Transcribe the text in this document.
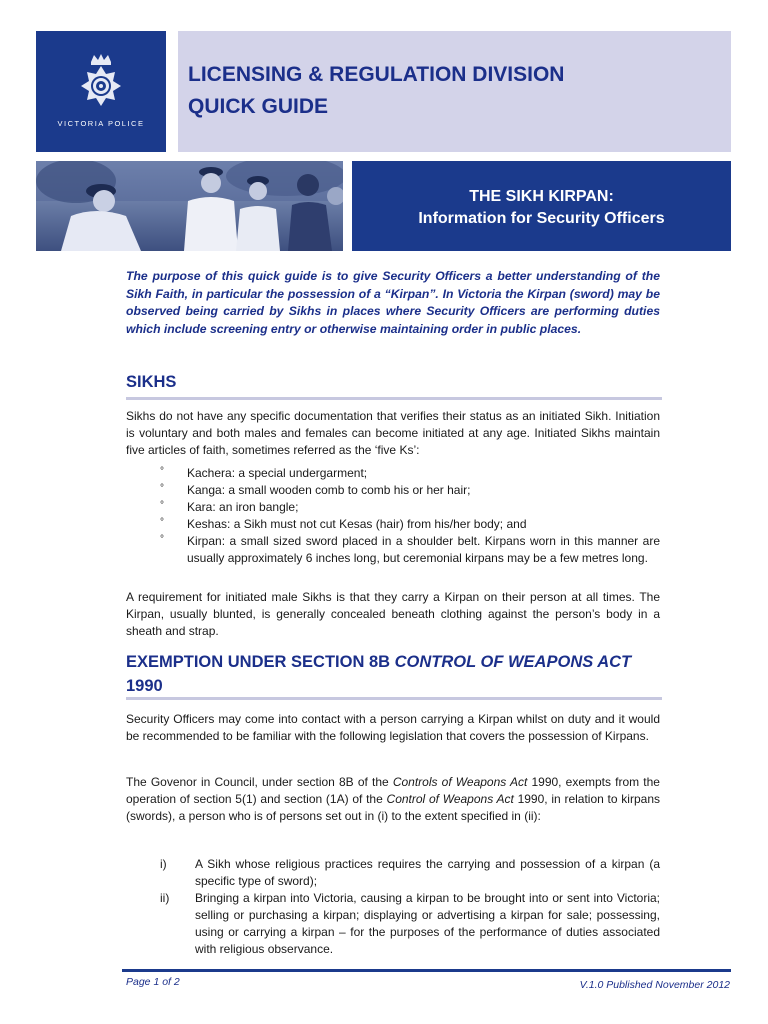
VICTORIA POLICE
LICENSING & REGULATION DIVISION
QUICK GUIDE
THE SIKH KIRPAN:
Information for Security Officers
The purpose of this quick guide is to give Security Officers a better understanding of the Sikh Faith, in particular the possession of a “Kirpan”. In Victoria the Kirpan (sword) may be observed being carried by Sikhs in places where Security Officers are performing duties which include screening entry or otherwise maintaining order in public places.
SIKHS
Sikhs do not have any specific documentation that verifies their status as an initiated Sikh. Initiation is voluntary and both males and females can become initiated at any age. Initiated Sikhs maintain five articles of faith, sometimes referred as the ‘five Ks’:
° Kachera: a special undergarment;
° Kanga: a small wooden comb to comb his or her hair;
° Kara: an iron bangle;
° Keshas: a Sikh must not cut Kesas (hair) from his/her body; and
° Kirpan: a small sized sword placed in a shoulder belt. Kirpans worn in this manner are usually approximately 6 inches long, but ceremonial kirpans may be a few metres long.
A requirement for initiated male Sikhs is that they carry a Kirpan on their person at all times. The Kirpan, usually blunted, is generally concealed beneath clothing against the person’s body in a sheath and strap.
EXEMPTION UNDER SECTION 8B CONTROL OF WEAPONS ACT
1990
Security Officers may come into contact with a person carrying a Kirpan whilst on duty and it would be recommended to be familiar with the following legislation that covers the possession of Kirpans.
The Govenor in Council, under section 8B of the Controls of Weapons Act 1990, exempts from the operation of section 5(1) and section (1A) of the Control of Weapons Act 1990, in relation to kirpans (swords), a person who is of persons set out in (i) to the extent specified in (ii):
i) A Sikh whose religious practices requires the carrying and possession of a kirpan (a specific type of sword);
ii) Bringing a kirpan into Victoria, causing a kirpan to be brought into or sent into Victoria; selling or purchasing a kirpan; displaying or advertising a kirpan for sale; possessing, using or carrying a kirpan – for the purposes of the performance of duties associated with religious observance.
Page 1 of 2	V.1.0 Published November 2012
